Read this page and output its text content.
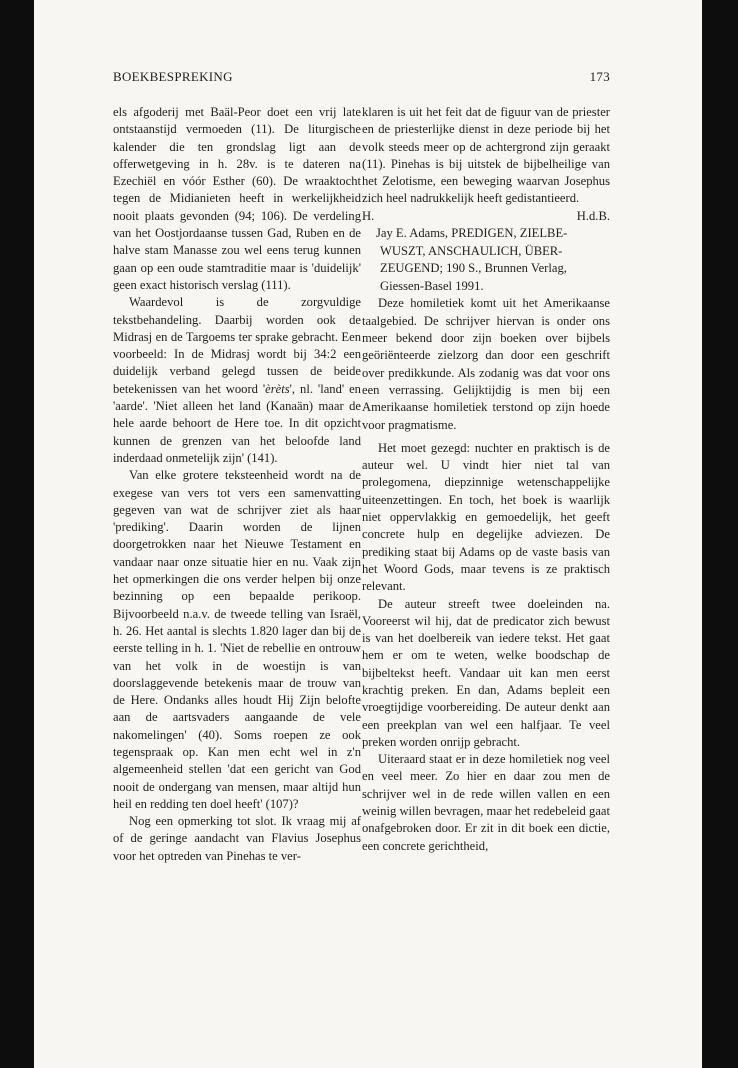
BOEKBESPREKING	173

els afgoderij met Baäl-Peor doet een vrij late ontstaanstijd vermoeden (11). De liturgische kalender die ten grondslag ligt aan de offerwetgeving in h. 28v. is te dateren na Ezechiël en vóór Esther (60). De wraaktocht tegen de Midianieten heeft in werkelijkheid nooit plaats gevonden (94; 106). De verdeling van het Oostjordaanse tussen Gad, Ruben en de halve stam Manasse zou wel eens terug kunnen gaan op een oude stamtraditie maar is 'duidelijk' geen exact historisch verslag (111).

Waardevol is de zorgvuldige tekstbehandeling. Daarbij worden ook de Midrasj en de Targoems ter sprake gebracht. Een voorbeeld: In de Midrasj wordt bij 34:2 een duidelijk verband gelegd tussen de beide betekenissen van het woord 'èrèts', nl. 'land' en 'aarde'. 'Niet alleen het land (Kanaän) maar de hele aarde behoort de Here toe. In dit opzicht kunnen de grenzen van het beloofde land inderdaad onmetelijk zijn' (141).

Van elke grotere teksteenheid wordt na de exegese van vers tot vers een samenvatting gegeven van wat de schrijver ziet als haar 'prediking'. Daarin worden de lijnen doorgetrokken naar het Nieuwe Testament en vandaar naar onze situatie hier en nu. Vaak zijn het opmerkingen die ons verder helpen bij onze bezinning op een bepaalde perikoop. Bijvoorbeeld n.a.v. de tweede telling van Israël, h. 26. Het aantal is slechts 1.820 lager dan bij de eerste telling in h. 1. 'Niet de rebellie en ontrouw van het volk in de woestijn is van doorslaggevende betekenis maar de trouw van de Here. Ondanks alles houdt Hij Zijn belofte aan de aartsvaders aangaande de vele nakomelingen' (40). Soms roepen ze ook tegenspraak op. Kan men echt wel in z'n algemeenheid stellen 'dat een gericht van God nooit de ondergang van mensen, maar altijd hun heil en redding ten doel heeft' (107)?

Nog een opmerking tot slot. Ik vraag mij af of de geringe aandacht van Flavius Josephus voor het optreden van Pinehas te ver-

klaren is uit het feit dat de figuur van de priester en de priesterlijke dienst in deze periode bij het volk steeds meer op de achtergrond zijn geraakt (11). Pinehas is bij uitstek de bijbelheilige van het Zelotisme, een beweging waarvan Josephus zich heel nadrukkelijk heeft gedistantieerd.

H.	H.d.B.

Jay E. Adams, PREDIGEN, ZIELBE-
WUSZT, ANSCHAULICH, ÜBER-
ZEUGEND; 190 S., Brunnen Verlag,
Giessen-Basel 1991.

Deze homiletiek komt uit het Amerikaanse taalgebied. De schrijver hiervan is onder ons meer bekend door zijn boeken over bijbels geöriënteerde zielzorg dan door een geschrift over predikkunde. Als zodanig was dat voor ons een verrassing. Gelijktijdig is men bij een Amerikaanse homiletiek terstond op zijn hoede voor pragmatisme.

Het moet gezegd: nuchter en praktisch is de auteur wel. U vindt hier niet tal van prolegomena, diepzinnige wetenschappelijke uiteenzettingen. En toch, het boek is waarlijk niet oppervlakkig en gemoedelijk, het geeft concrete hulp en degelijke adviezen. De prediking staat bij Adams op de vaste basis van het Woord Gods, maar tevens is ze praktisch relevant.

De auteur streeft twee doeleinden na. Vooreerst wil hij, dat de predicator zich bewust is van het doelbereik van iedere tekst. Het gaat hem er om te weten, welke boodschap de bijbeltekst heeft. Vandaar uit kan men eerst krachtig preken. En dan, Adams bepleit een vroegtijdige voorbereiding. De auteur denkt aan een preekplan van wel een halfjaar. Te veel preken worden onrijp gebracht.

Uiteraard staat er in deze homiletiek nog veel en veel meer. Zo hier en daar zou men de schrijver wel in de rede willen vallen en een weinig willen bevragen, maar het redebeleid gaat onafgebroken door. Er zit in dit boek een dictie, een concrete gerichtheid,
